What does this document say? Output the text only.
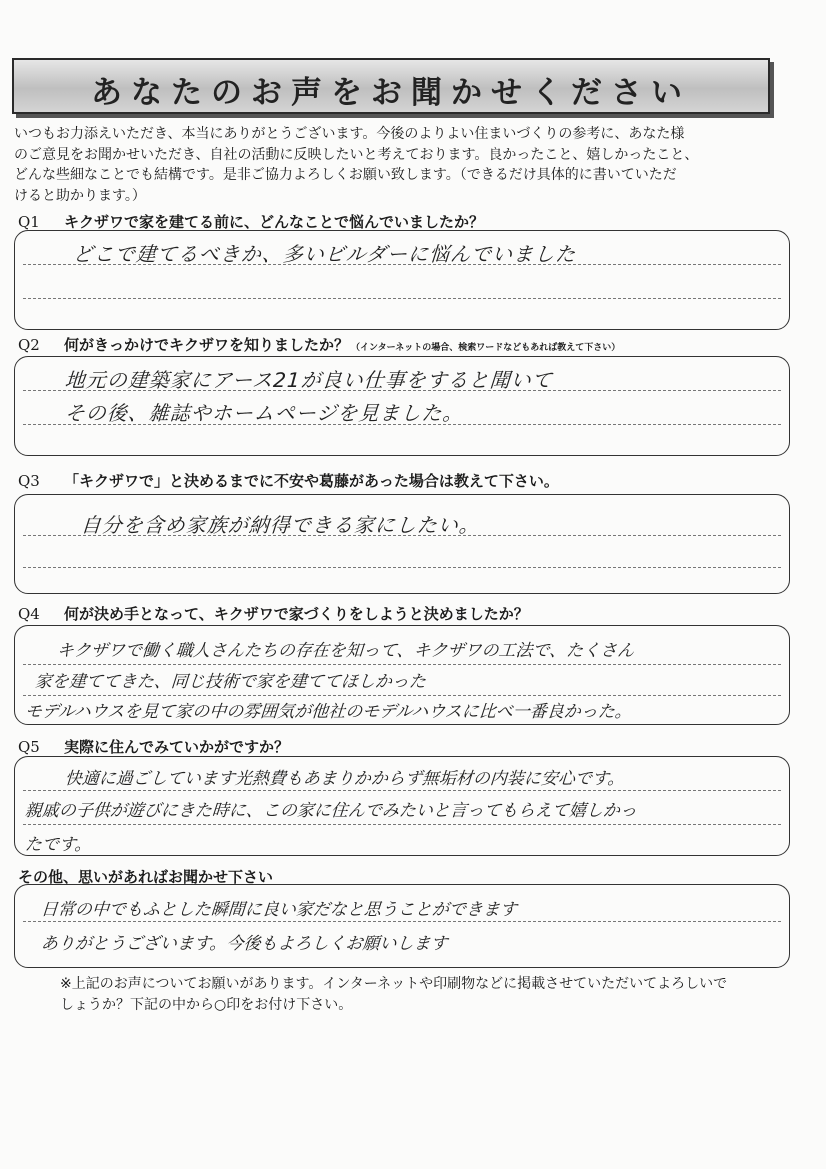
あなたのお声をお聞かせください

いつもお力添えいただき、本当にありがとうございます。今後のよりよい住まいづくりの参考に、あなた様
のご意見をお聞かせいただき、自社の活動に反映したいと考えております。良かったこと、嬉しかったこと、
どんな些細なことでも結構です。是非ご協力よろしくお願い致します。（できるだけ具体的に書いていただ
けると助かります。）

Q1 キクザワで家を建てる前に、どんなことで悩んでいましたか？
どこで建てるべきか、多いビルダーに悩んでいました
Q2 何がきっかけでキクザワを知りましたか？ （インターネットの場合、検索ワードなどもあれば教えて下さい）
地元の建築家にアース21が良い仕事をすると聞いて
その後、雑誌やホームページを見ました。
Q3 「キクザワで」と決めるまでに不安や葛藤があった場合は教えて下さい。
自分を含め家族が納得できる家にしたい。
Q4 何が決め手となって、キクザワで家づくりをしようと決めましたか？
キクザワで働く職人さんたちの存在を知って、キクザワの工法で、たくさん
家を建ててきた、同じ技術で家を建ててほしかった
モデルハウスを見て家の中の雰囲気が他社のモデルハウスに比べ一番良かった。
Q5 実際に住んでみていかがですか？
快適に過ごしています光熱費もあまりかからず無垢材の内装に安心です。
親戚の子供が遊びにきた時に、この家に住んでみたいと言ってもらえて嬉しかっ
たです。
その他、思いがあればお聞かせ下さい
日常の中でもふとした瞬間に良い家だなと思うことができます
ありがとうございます。今後もよろしくお願いします
※上記のお声についてお願いがあります。インターネットや印刷物などに掲載させていただいてよろしいで
しょうか？下記の中から○印をお付け下さい。
